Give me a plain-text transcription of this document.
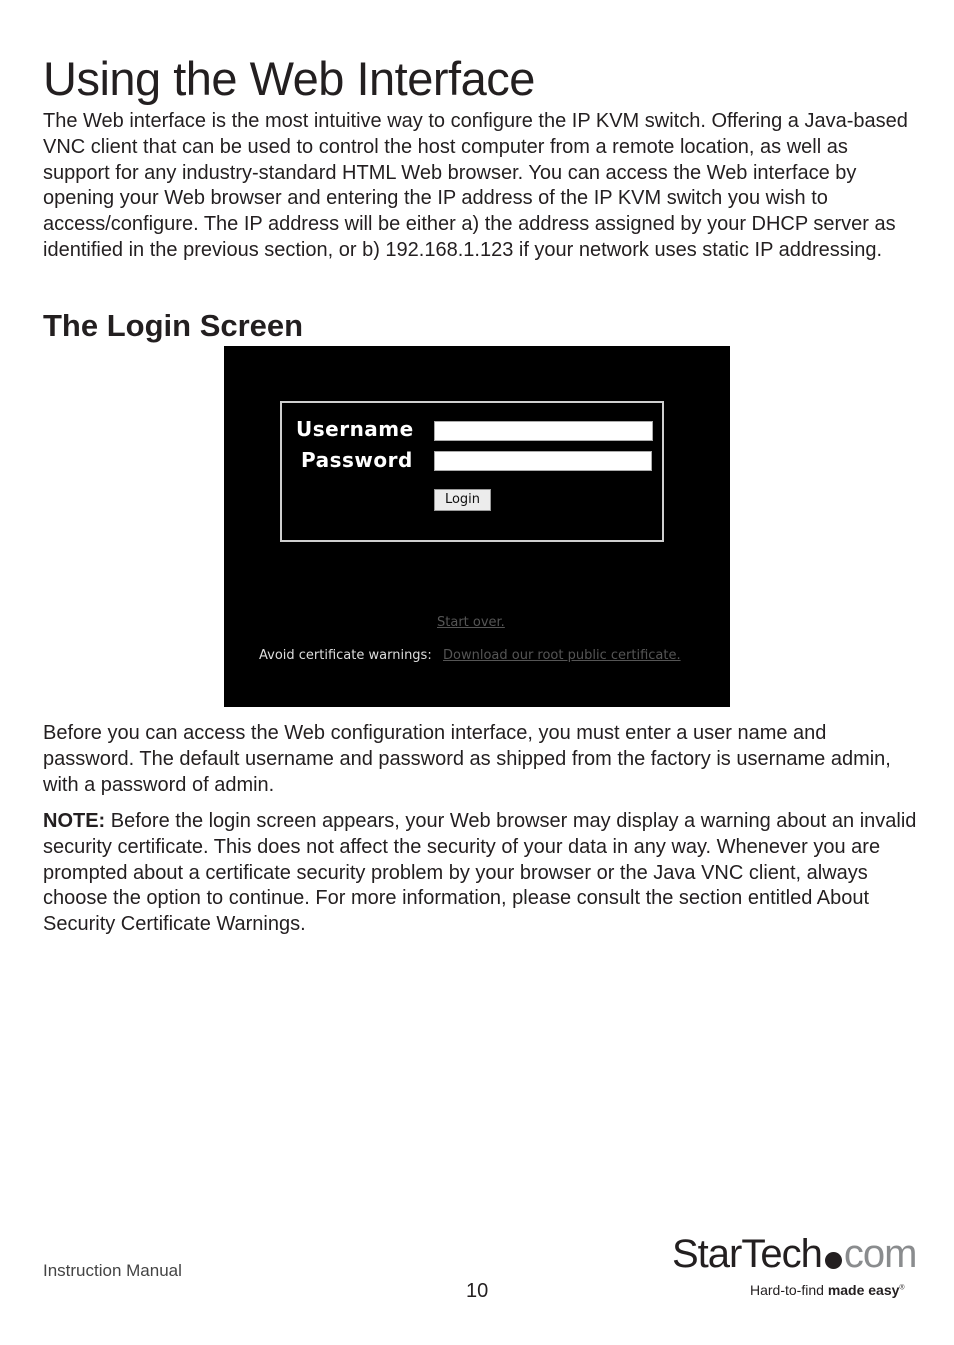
Using the Web Interface

The Web interface is the most intuitive way to configure the IP KVM switch. Offering a Java-based VNC client that can be used to control the host computer from a remote location, as well as support for any industry-standard HTML Web browser. You can access the Web interface by opening your Web browser and entering the IP address of the IP KVM switch you wish to access/configure. The IP address will be either a) the address assigned by your DHCP server as identified in the previous section, or b) 192.168.1.123 if your network uses static IP addressing.

The Login Screen
Username
Password
Login
Start over.
Avoid certificate warnings: Download our root public certificate.

Before you can access the Web configuration interface, you must enter a user name and password. The default username and password as shipped from the factory is username admin, with a password of admin.

NOTE: Before the login screen appears, your Web browser may display a warning about an invalid security certificate. This does not affect the security of your data in any way. Whenever you are prompted about a certificate security problem by your browser or the Java VNC client, always choose the option to continue. For more information, please consult the section entitled About Security Certificate Warnings.

Instruction Manual
10
StarTech com
Hard-to-find made easy®
